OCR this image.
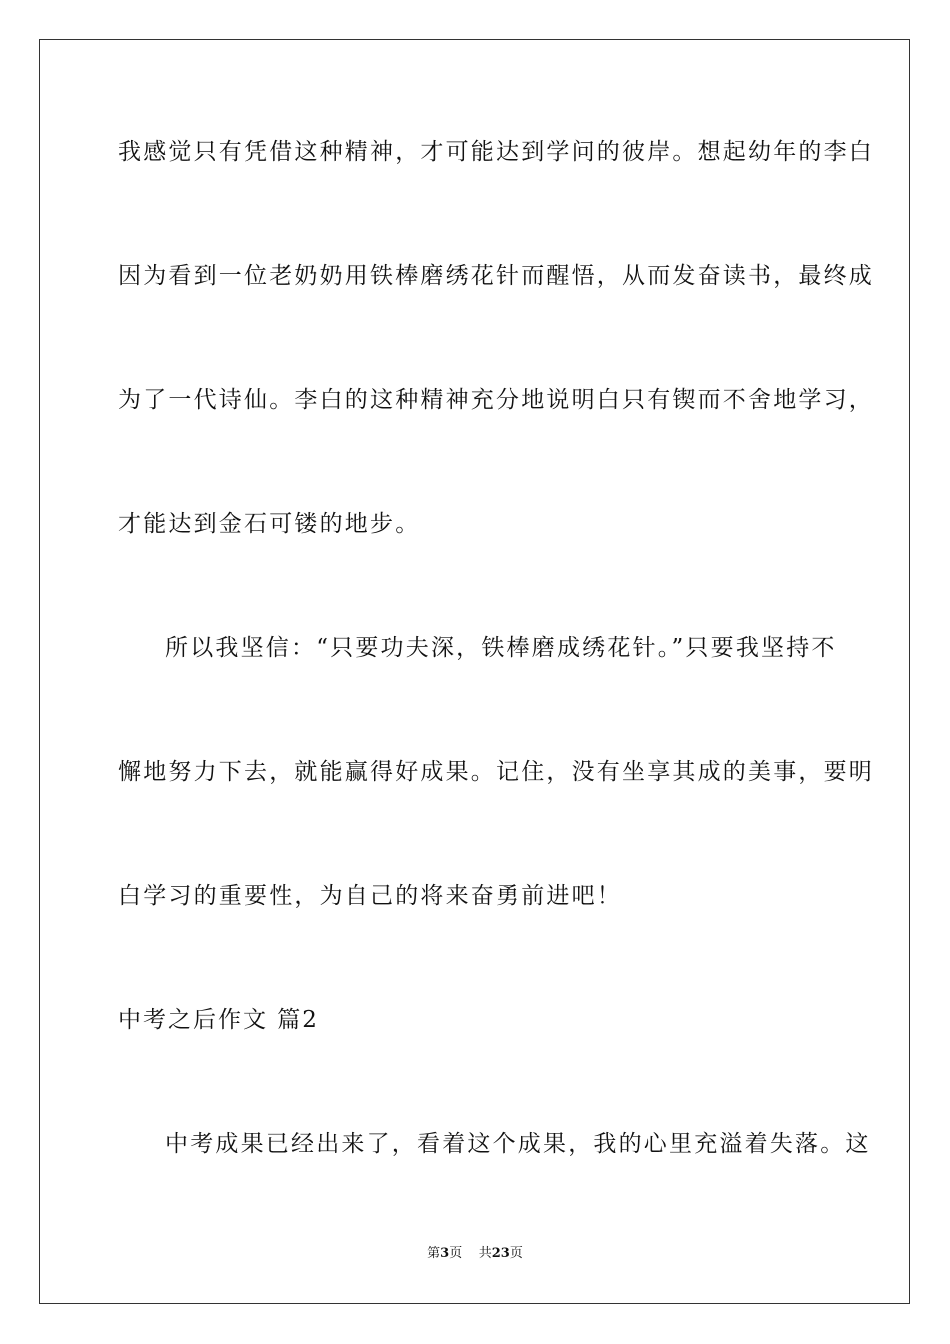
我感觉只有凭借这种精神，才可能达到学问的彼岸。想起幼年的李白
因为看到一位老奶奶用铁棒磨绣花针而醒悟，从而发奋读书，最终成
为了一代诗仙。李白的这种精神充分地说明白只有锲而不舍地学习，
才能达到金石可镂的地步。
所以我坚信：“只要功夫深，铁棒磨成绣花针。”只要我坚持不
懈地努力下去，就能赢得好成果。记住，没有坐享其成的美事，要明
白学习的重要性，为自己的将来奋勇前进吧！
中考之后作文 篇2
中考成果已经出来了，看着这个成果，我的心里充溢着失落。这
第3页 共23页
